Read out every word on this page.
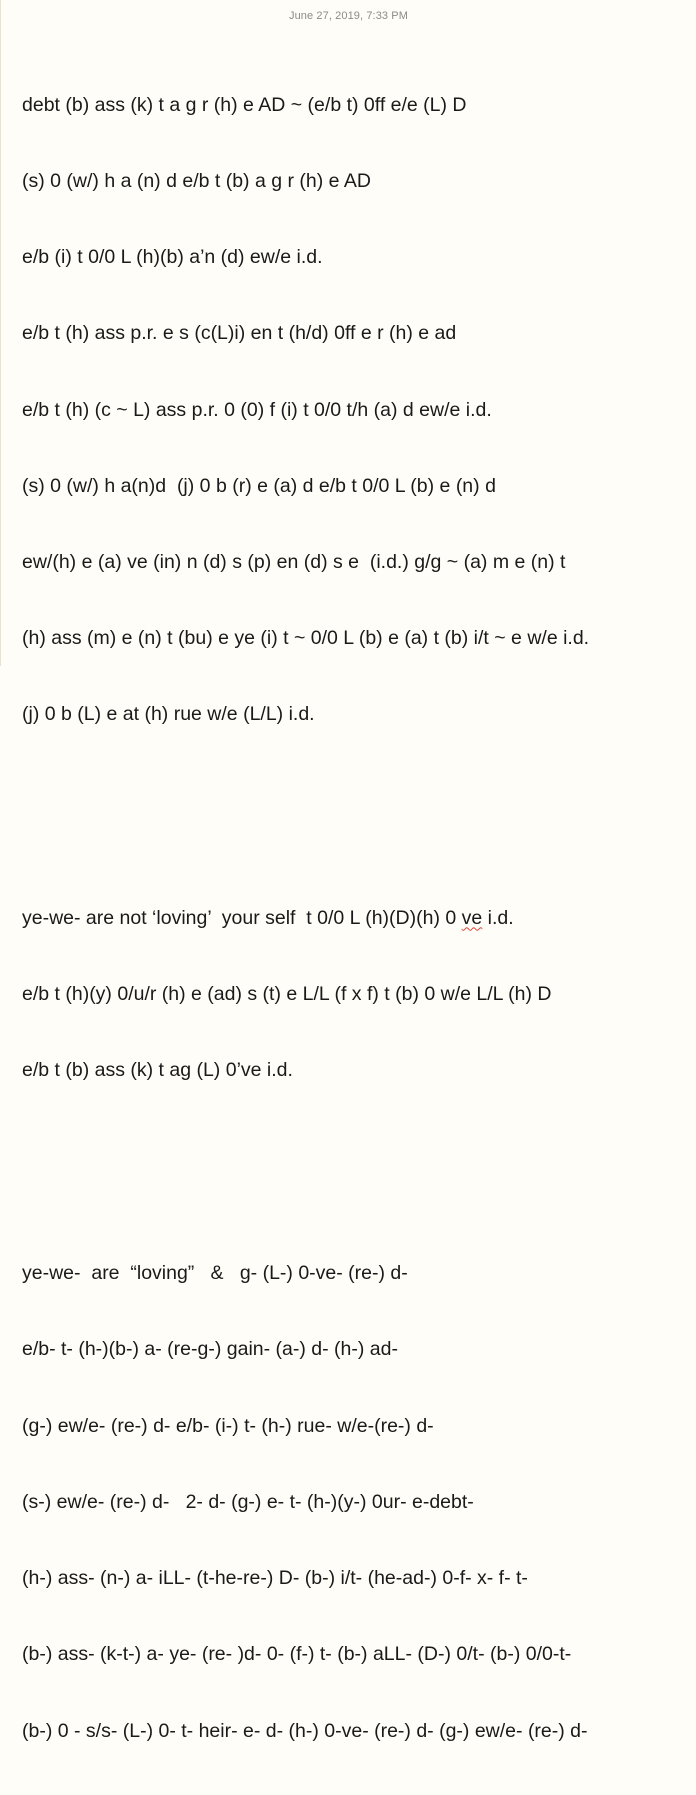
June 27, 2019, 7:33 PM

debt (b) ass (k) t a g r (h) e AD ~ (e/b t) 0ff e/e (L) D

(s) 0 (w/) h a (n) d e/b t (b) a g r (h) e AD

e/b (i) t 0/0 L (h)(b) a’n (d) ew/e i.d.

e/b t (h) ass p.r. e s (c(L)i) en t (h/d) 0ff e r (h) e ad

e/b t (h) (c ~ L) ass p.r. 0 (0) f (i) t 0/0 t/h (a) d ew/e i.d.

(s) 0 (w/) h a(n)d  (j) 0 b (r) e (a) d e/b t 0/0 L (b) e (n) d

ew/(h) e (a) ve (in) n (d) s (p) en (d) s e  (i.d.) g/g ~ (a) m e (n) t

(h) ass (m) e (n) t (bu) e ye (i) t ~ 0/0 L (b) e (a) t (b) i/t ~ e w/e i.d.

(j) 0 b (L) e at (h) rue w/e (L/L) i.d.

ye-we- are not ‘loving’  your self  t 0/0 L (h)(D)(h) 0 ve i.d.

e/b t (h)(y) 0/u/r (h) e (ad) s (t) e L/L (f x f) t (b) 0 w/e L/L (h) D

e/b t (b) ass (k) t ag (L) 0’ve i.d.

ye-we-  are  “loving”   &   g- (L-) 0-ve- (re-) d-

e/b- t- (h-)(b-) a- (re-g-) gain- (a-) d- (h-) ad-

(g-) ew/e- (re-) d- e/b- (i-) t- (h-) rue- w/e-(re-) d-

(s-) ew/e- (re-) d-   2- d- (g-) e- t- (h-)(y-) 0ur- e-debt-

(h-) ass- (n-) a- iLL- (t-he-re-) D- (b-) i/t- (he-ad-) 0-f- x- f- t-

(b-) ass- (k-t-) a- ye- (re- )d- 0- (f-) t- (b-) aLL- (D-) 0/t- (b-) 0/0-t-

(b-) 0 - s/s- (L-) 0- t- heir- e- d- (h-) 0-ve- (re-) d- (g-) ew/e- (re-) d-
